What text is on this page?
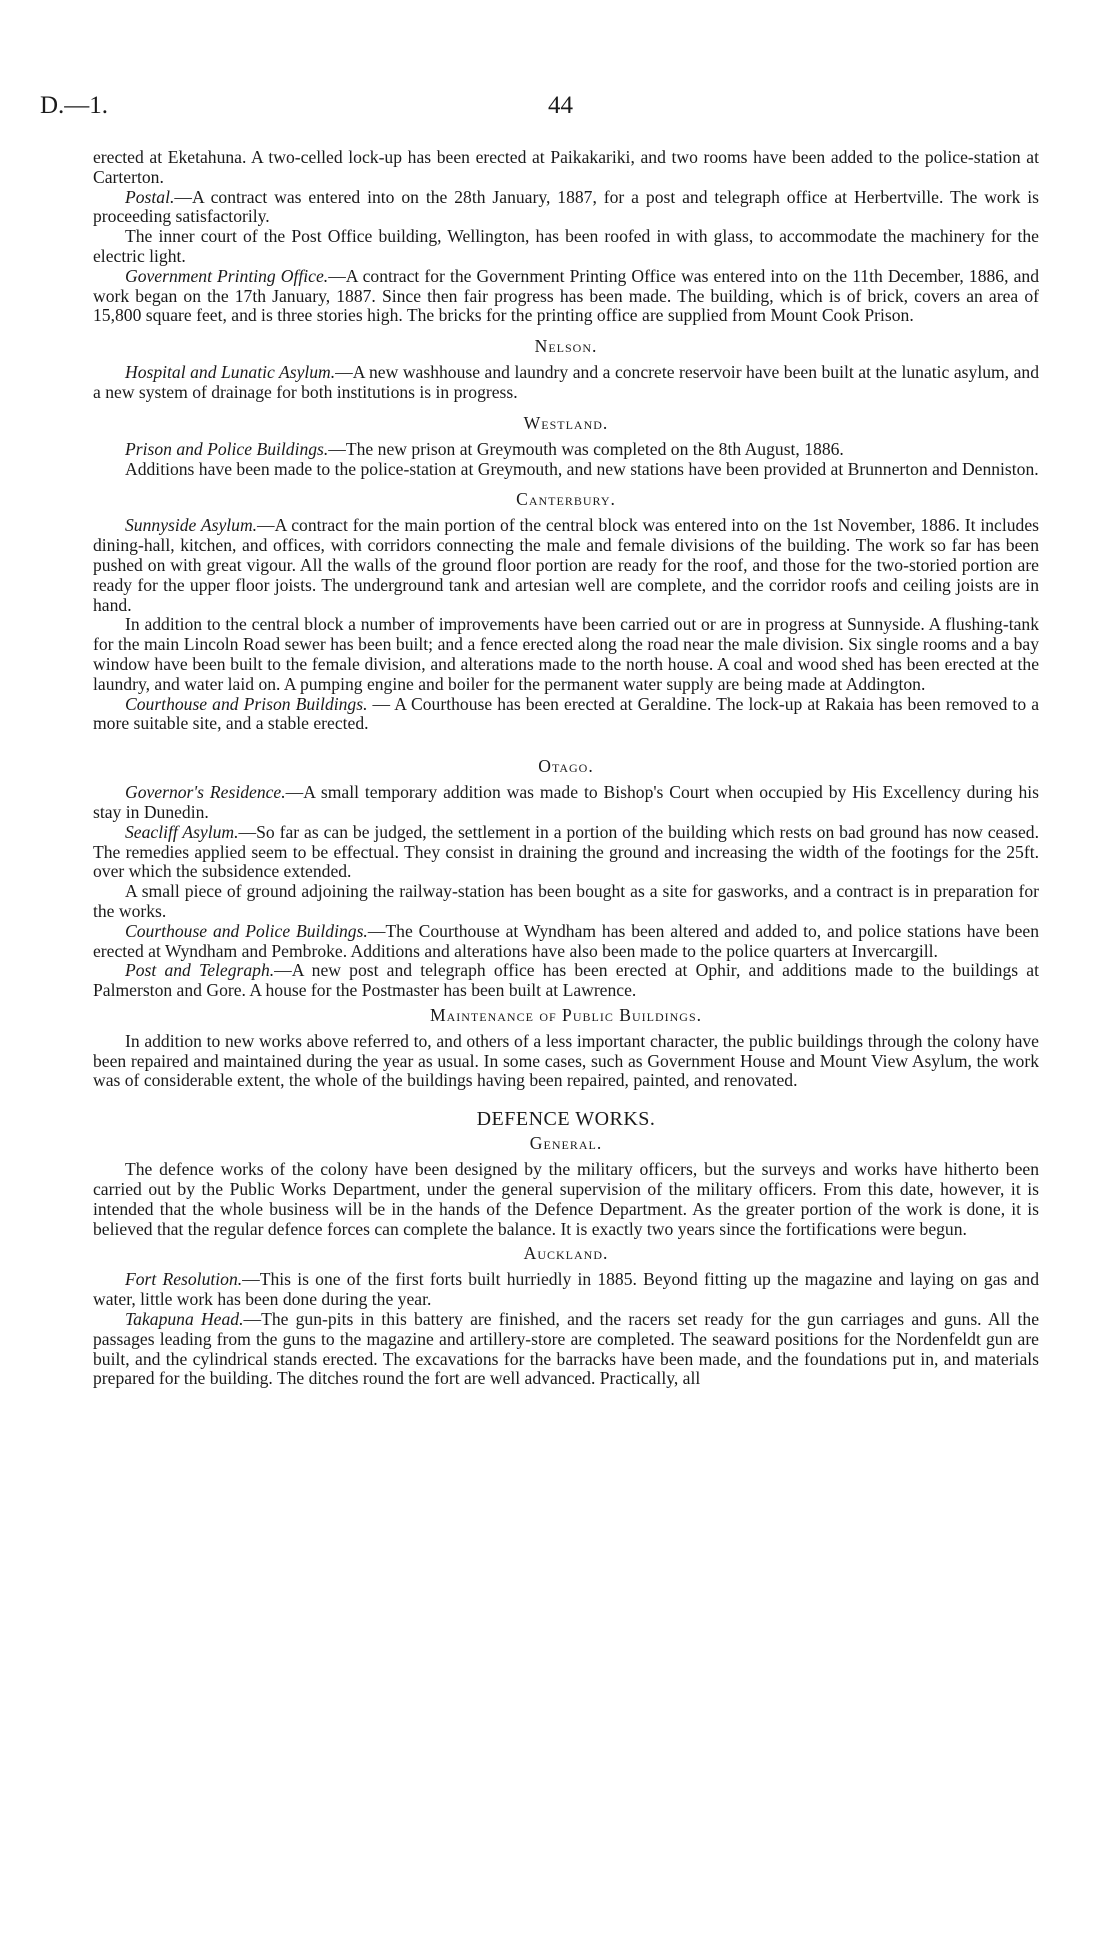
D.—1.	44

erected at Eketahuna. A two-celled lock-up has been erected at Paikakariki, and two rooms have been added to the police-station at Carterton.

Postal.—A contract was entered into on the 28th January, 1887, for a post and telegraph office at Herbertville. The work is proceeding satisfactorily.

The inner court of the Post Office building, Wellington, has been roofed in with glass, to accommodate the machinery for the electric light.

Government Printing Office.—A contract for the Government Printing Office was entered into on the 11th December, 1886, and work began on the 17th January, 1887. Since then fair progress has been made. The building, which is of brick, covers an area of 15,800 square feet, and is three stories high. The bricks for the printing office are supplied from Mount Cook Prison.

Nelson.

Hospital and Lunatic Asylum.—A new washhouse and laundry and a concrete reservoir have been built at the lunatic asylum, and a new system of drainage for both institutions is in progress.

Westland.

Prison and Police Buildings.—The new prison at Greymouth was completed on the 8th August, 1886.

Additions have been made to the police-station at Greymouth, and new stations have been provided at Brunnerton and Denniston.

Canterbury.

Sunnyside Asylum.—A contract for the main portion of the central block was entered into on the 1st November, 1886. It includes dining-hall, kitchen, and offices, with corridors connecting the male and female divisions of the building. The work so far has been pushed on with great vigour. All the walls of the ground floor portion are ready for the roof, and those for the two-storied portion are ready for the upper floor joists. The underground tank and artesian well are complete, and the corridor roofs and ceiling joists are in hand.

In addition to the central block a number of improvements have been carried out or are in progress at Sunnyside. A flushing-tank for the main Lincoln Road sewer has been built; and a fence erected along the road near the male division. Six single rooms and a bay window have been built to the female division, and alterations made to the north house. A coal and wood shed has been erected at the laundry, and water laid on. A pumping engine and boiler for the permanent water supply are being made at Addington.

Courthouse and Prison Buildings. — A Courthouse has been erected at Geraldine. The lock-up at Rakaia has been removed to a more suitable site, and a stable erected.

Otago.

Governor's Residence.—A small temporary addition was made to Bishop's Court when occupied by His Excellency during his stay in Dunedin.

Seacliff Asylum.—So far as can be judged, the settlement in a portion of the building which rests on bad ground has now ceased. The remedies applied seem to be effectual. They consist in draining the ground and increasing the width of the footings for the 25ft. over which the subsidence extended.

A small piece of ground adjoining the railway-station has been bought as a site for gasworks, and a contract is in preparation for the works.

Courthouse and Police Buildings.—The Courthouse at Wyndham has been altered and added to, and police stations have been erected at Wyndham and Pembroke. Additions and alterations have also been made to the police quarters at Invercargill.

Post and Telegraph.—A new post and telegraph office has been erected at Ophir, and additions made to the buildings at Palmerston and Gore. A house for the Postmaster has been built at Lawrence.

Maintenance of Public Buildings.

In addition to new works above referred to, and others of a less important character, the public buildings through the colony have been repaired and maintained during the year as usual. In some cases, such as Government House and Mount View Asylum, the work was of considerable extent, the whole of the buildings having been repaired, painted, and renovated.

DEFENCE WORKS.
General.

The defence works of the colony have been designed by the military officers, but the surveys and works have hitherto been carried out by the Public Works Department, under the general supervision of the military officers. From this date, however, it is intended that the whole business will be in the hands of the Defence Department. As the greater portion of the work is done, it is believed that the regular defence forces can complete the balance. It is exactly two years since the fortifications were begun.

Auckland.

Fort Resolution.—This is one of the first forts built hurriedly in 1885. Beyond fitting up the magazine and laying on gas and water, little work has been done during the year.

Takapuna Head.—The gun-pits in this battery are finished, and the racers set ready for the gun carriages and guns. All the passages leading from the guns to the magazine and artillery-store are completed. The seaward positions for the Nordenfeldt gun are built, and the cylindrical stands erected. The excavations for the barracks have been made, and the foundations put in, and materials prepared for the building. The ditches round the fort are well advanced. Practically, all
